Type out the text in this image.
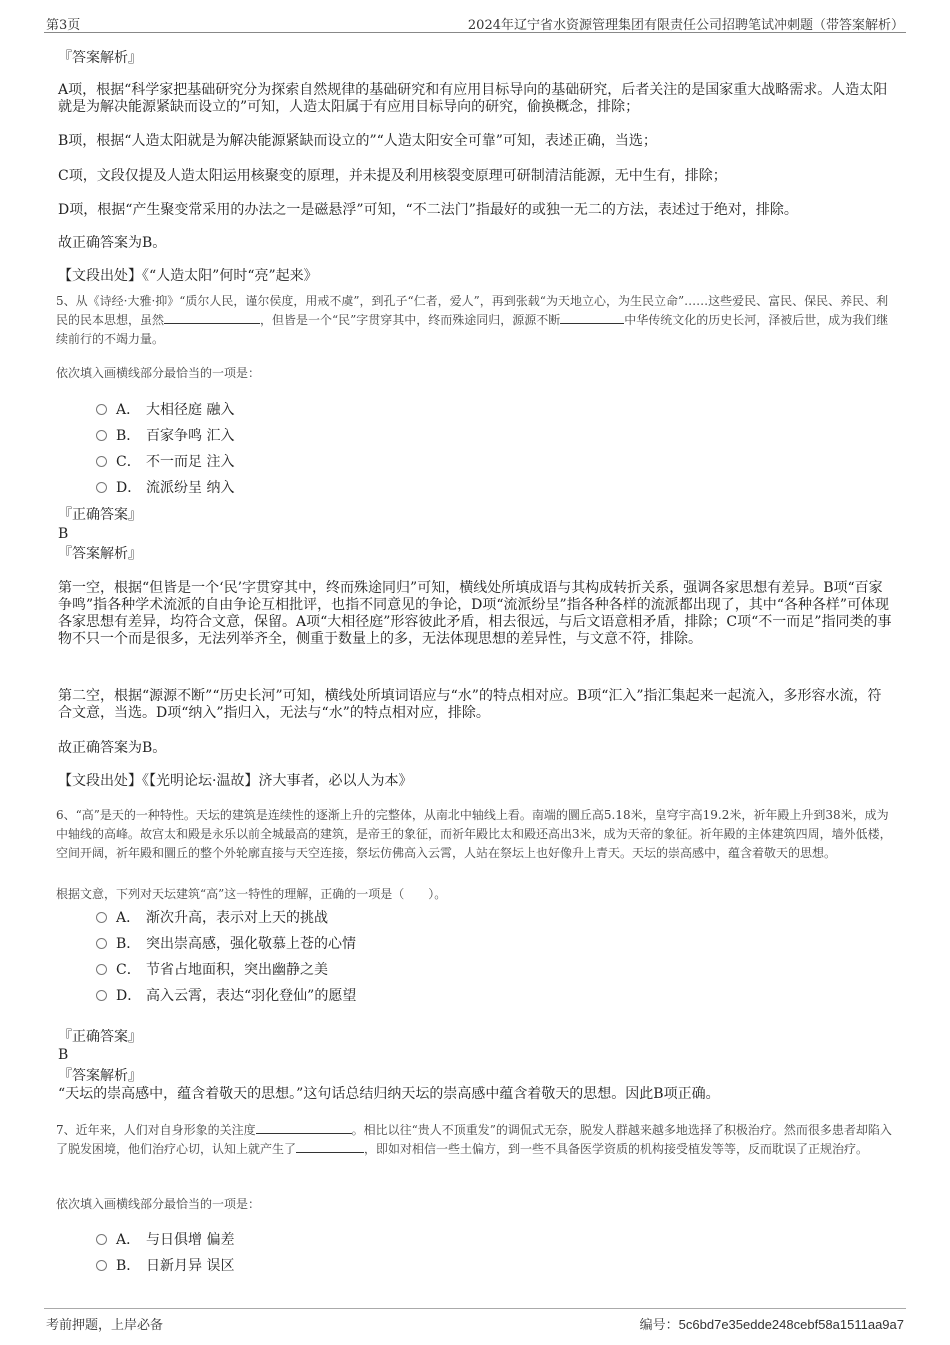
第3页	2024年辽宁省水资源管理集团有限责任公司招聘笔试冲刺题（带答案解析）
『答案解析』
A项，根据“科学家把基础研究分为探索自然规律的基础研究和有应用目标导向的基础研究，后者关注的是国家重大战略需求。人造太阳就是为解决能源紧缺而设立的”可知，人造太阳属于有应用目标导向的研究，偷换概念，排除；
B项，根据“人造太阳就是为解决能源紧缺而设立的”“人造太阳安全可靠”可知，表述正确，当选；
C项，文段仅提及人造太阳运用核聚变的原理，并未提及利用核裂变原理可研制清洁能源，无中生有，排除；
D项，根据“产生聚变常采用的办法之一是磁悬浮”可知，“不二法门”指最好的或独一无二的方法，表述过于绝对，排除。
故正确答案为B。
【文段出处】《“人造太阳”何时“亮”起来》
5、从《诗经·大雅·抑》“质尔人民，谨尔侯度，用戒不虞”，到孔子“仁者，爱人”，再到张载“为天地立心，为生民立命”……这些爱民、富民、保民、养民、利民的民本思想，虽然	，但皆是一个“民”字贯穿其中，终而殊途同归，源源不断	中华传统文化的历史长河，泽被后世，成为我们继续前行的不竭力量。
依次填入画横线部分最恰当的一项是：
A． 大相径庭 融入
B． 百家争鸣 汇入
C． 不一而足 注入
D． 流派纷呈 纳入
『正确答案』
B
『答案解析』
第一空，根据“但皆是一个‘民’字贯穿其中，终而殊途同归”可知，横线处所填成语与其构成转折关系，强调各家思想有差异。B项“百家争鸣”指各种学术流派的自由争论互相批评，也指不同意见的争论，D项“流派纷呈”指各种各样的流派都出现了，其中“各种各样”可体现各家思想有差异，均符合文意，保留。A项“大相径庭”形容彼此矛盾，相去很远，与后文语意相矛盾，排除；C项“不一而足”指同类的事物不只一个而是很多，无法列举齐全，侧重于数量上的多，无法体现思想的差异性，与文意不符，排除。
第二空，根据“源源不断”“历史长河”可知，横线处所填词语应与“水”的特点相对应。B项“汇入”指汇集起来一起流入，多形容水流，符合文意，当选。D项“纳入”指归入，无法与“水”的特点相对应，排除。
故正确答案为B。
【文段出处】《【光明论坛·温故】济大事者，必以人为本》
6、“高”是天的一种特性。天坛的建筑是连续性的逐渐上升的完整体，从南北中轴线上看。南端的圜丘高5.18米，皇穹宇高19.2米，祈年殿上升到38米，成为中轴线的高峰。故宫太和殿是永乐以前全城最高的建筑，是帝王的象征，而祈年殿比太和殿还高出3米，成为天帝的象征。祈年殿的主体建筑四周，墙外低楼，空间开阔，祈年殿和圜丘的整个外轮廓直接与天空连接，祭坛仿佛高入云霄，人站在祭坛上也好像升上青天。天坛的崇高感中，蕴含着敬天的思想。
根据文意，下列对天坛建筑“高”这一特性的理解，正确的一项是（　　）。
A． 渐次升高，表示对上天的挑战
B． 突出崇高感，强化敬慕上苍的心情
C． 节省占地面积，突出幽静之美
D． 高入云霄，表达“羽化登仙”的愿望
『正确答案』
B
『答案解析』
“天坛的崇高感中，蕴含着敬天的思想。”这句话总结归纳天坛的崇高感中蕴含着敬天的思想。因此B项正确。
7、近年来，人们对自身形象的关注度	。相比以往“贵人不顶重发”的调侃式无奈，脱发人群越来越多地选择了积极治疗。然而很多患者却陷入了脱发困境，他们治疗心切，认知上就产生了	，即如对相信一些土偏方，到一些不具备医学资质的机构接受植发等等，反而耽误了正规治疗。
依次填入画横线部分最恰当的一项是：
A． 与日俱增 偏差
B． 日新月异 误区
考前押题，上岸必备	编号：5c6bd7e35edde248cebf58a1511aa9a7
